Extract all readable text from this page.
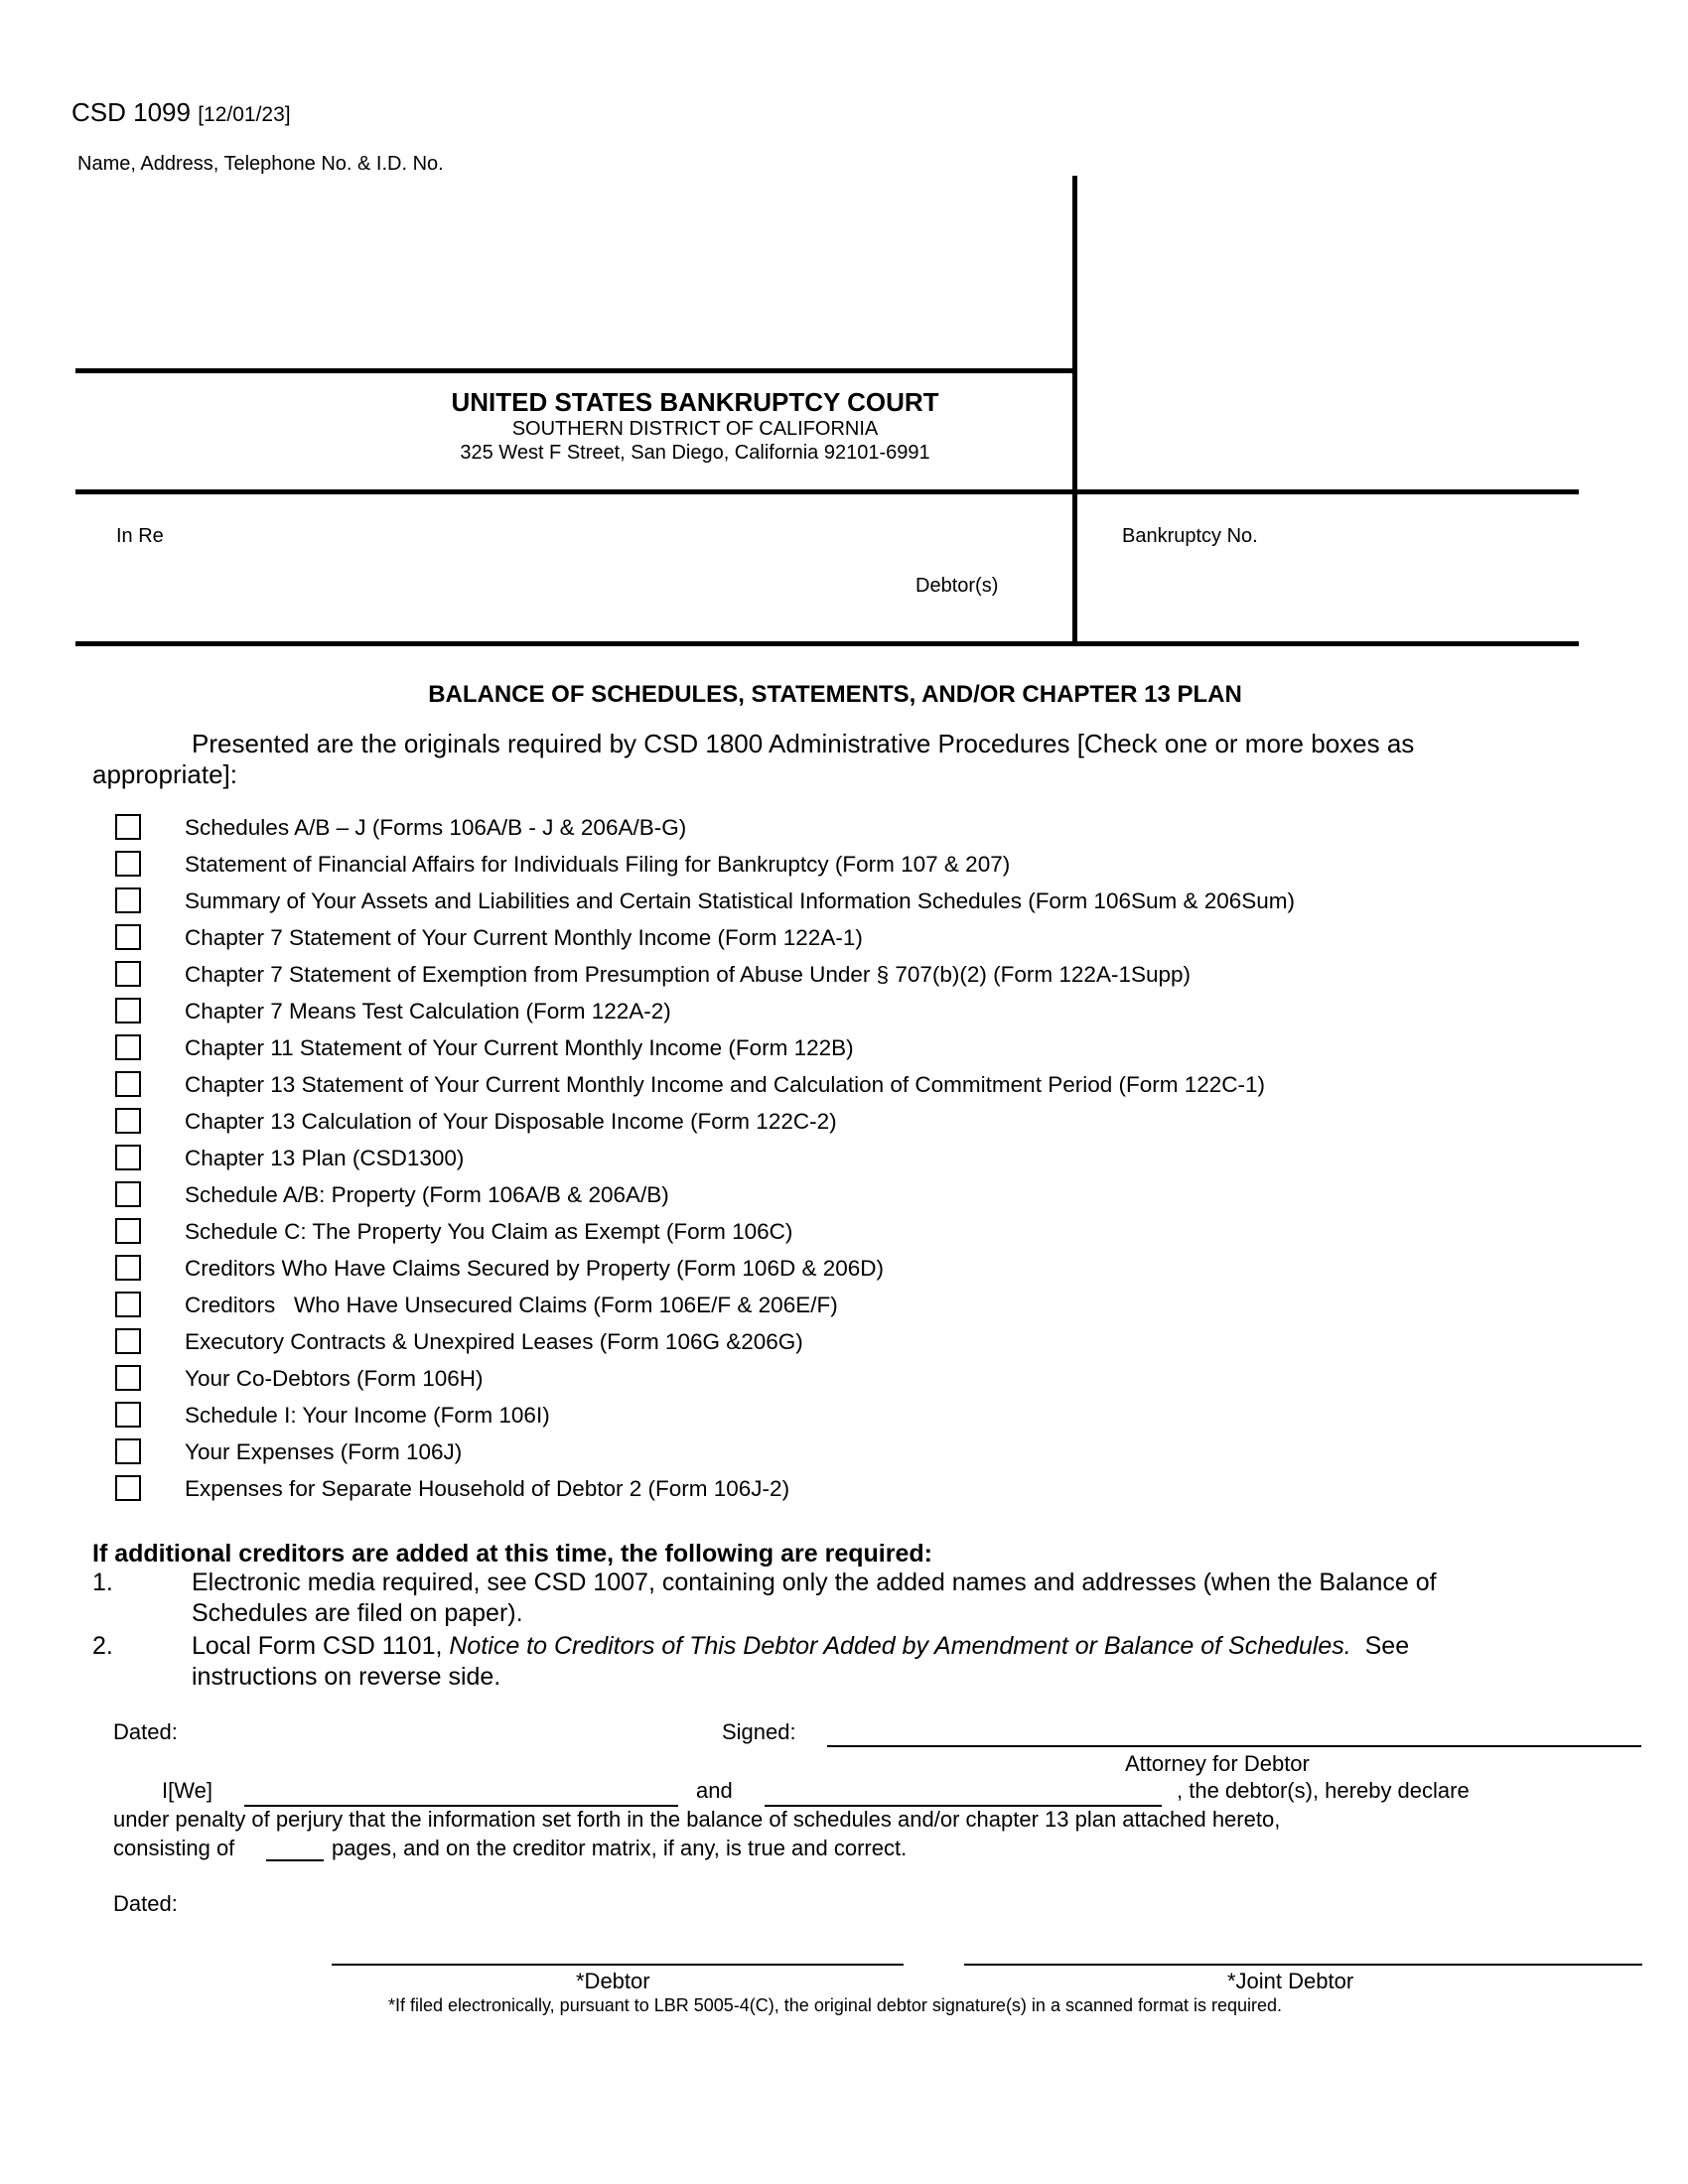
CSD 1099 [12/01/23]
Name, Address, Telephone No. & I.D. No.
UNITED STATES BANKRUPTCY COURT
SOUTHERN DISTRICT OF CALIFORNIA
325 West F Street, San Diego, California 92101-6991
In Re
Debtor(s)
Bankruptcy No.
BALANCE OF SCHEDULES, STATEMENTS, AND/OR CHAPTER 13 PLAN
Presented are the originals required by CSD 1800 Administrative Procedures [Check one or more boxes as appropriate]:
Schedules A/B – J (Forms 106A/B - J & 206A/B-G)
Statement of Financial Affairs for Individuals Filing for Bankruptcy (Form 107 & 207)
Summary of Your Assets and Liabilities and Certain Statistical Information Schedules (Form 106Sum & 206Sum)
Chapter 7 Statement of Your Current Monthly Income (Form 122A-1)
Chapter 7 Statement of Exemption from Presumption of Abuse Under § 707(b)(2) (Form 122A-1Supp)
Chapter 7 Means Test Calculation (Form 122A-2)
Chapter 11 Statement of Your Current Monthly Income (Form 122B)
Chapter 13 Statement of Your Current Monthly Income and Calculation of Commitment Period (Form 122C-1)
Chapter 13 Calculation of Your Disposable Income (Form 122C-2)
Chapter 13 Plan (CSD1300)
Schedule A/B: Property (Form 106A/B & 206A/B)
Schedule C: The Property You Claim as Exempt (Form 106C)
Creditors Who Have Claims Secured by Property (Form 106D & 206D)
Creditors   Who Have Unsecured Claims (Form 106E/F & 206E/F)
Executory Contracts & Unexpired Leases (Form 106G &206G)
Your Co-Debtors (Form 106H)
Schedule I: Your Income (Form 106I)
Your Expenses (Form 106J)
Expenses for Separate Household of Debtor 2 (Form 106J-2)
If additional creditors are added at this time, the following are required:
1.	Electronic media required, see CSD 1007, containing only the added names and addresses (when the Balance of
Schedules are filed on paper).
2.	Local Form CSD 1101, Notice to Creditors of This Debtor Added by Amendment or Balance of Schedules.  See
instructions on reverse side.
Dated:	Signed:
Attorney for Debtor
I[We]	and	, the debtor(s), hereby declare
under penalty of perjury that the information set forth in the balance of schedules and/or chapter 13 plan attached hereto,
consisting of	pages, and on the creditor matrix, if any, is true and correct.
Dated:
*Debtor	*Joint Debtor
*If filed electronically, pursuant to LBR 5005-4(C), the original debtor signature(s) in a scanned format is required.
